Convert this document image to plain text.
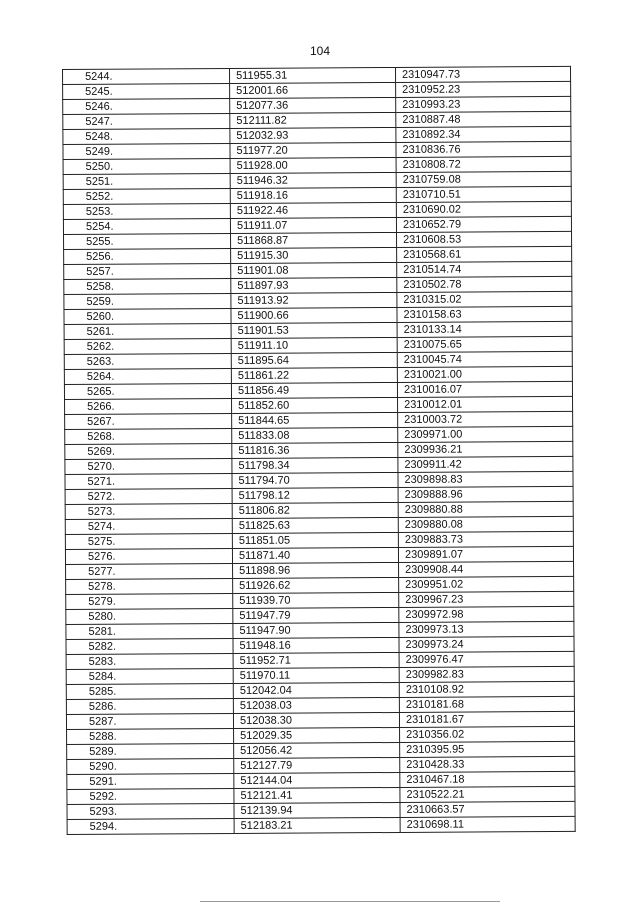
104
5244.	511955.31	2310947.73
5245.	512001.66	2310952.23
5246.	512077.36	2310993.23
5247.	512111.82	2310887.48
5248.	512032.93	2310892.34
5249.	511977.20	2310836.76
5250.	511928.00	2310808.72
5251.	511946.32	2310759.08
5252.	511918.16	2310710.51
5253.	511922.46	2310690.02
5254.	511911.07	2310652.79
5255.	511868.87	2310608.53
5256.	511915.30	2310568.61
5257.	511901.08	2310514.74
5258.	511897.93	2310502.78
5259.	511913.92	2310315.02
5260.	511900.66	2310158.63
5261.	511901.53	2310133.14
5262.	511911.10	2310075.65
5263.	511895.64	2310045.74
5264.	511861.22	2310021.00
5265.	511856.49	2310016.07
5266.	511852.60	2310012.01
5267.	511844.65	2310003.72
5268.	511833.08	2309971.00
5269.	511816.36	2309936.21
5270.	511798.34	2309911.42
5271.	511794.70	2309898.83
5272.	511798.12	2309888.96
5273.	511806.82	2309880.88
5274.	511825.63	2309880.08
5275.	511851.05	2309883.73
5276.	511871.40	2309891.07
5277.	511898.96	2309908.44
5278.	511926.62	2309951.02
5279.	511939.70	2309967.23
5280.	511947.79	2309972.98
5281.	511947.90	2309973.13
5282.	511948.16	2309973.24
5283.	511952.71	2309976.47
5284.	511970.11	2309982.83
5285.	512042.04	2310108.92
5286.	512038.03	2310181.68
5287.	512038.30	2310181.67
5288.	512029.35	2310356.02
5289.	512056.42	2310395.95
5290.	512127.79	2310428.33
5291.	512144.04	2310467.18
5292.	512121.41	2310522.21
5293.	512139.94	2310663.57
5294.	512183.21	2310698.11
